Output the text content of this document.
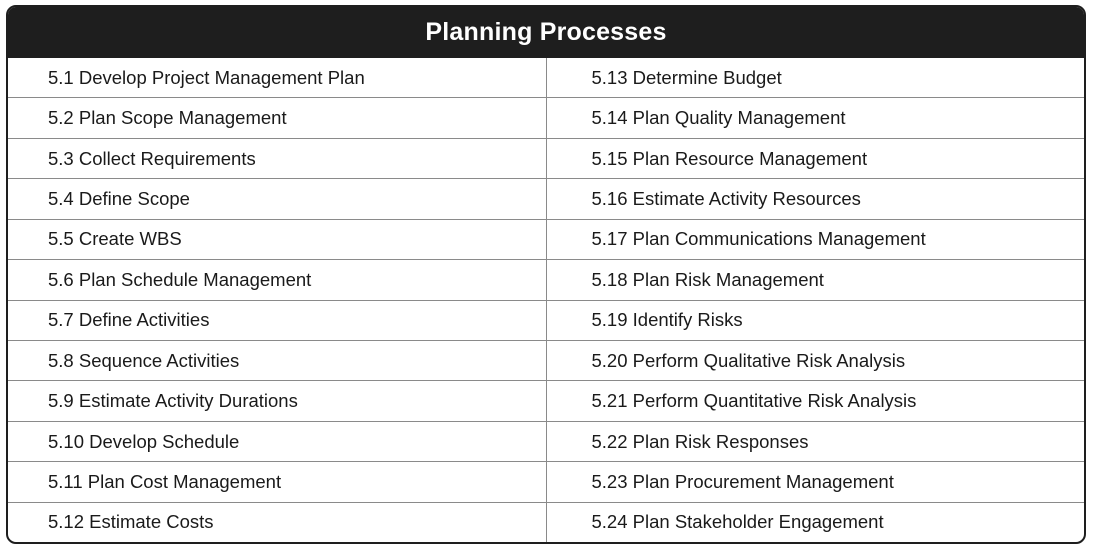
Planning Processes
5.1 Develop Project Management Plan
5.2 Plan Scope Management
5.3 Collect Requirements
5.4 Define Scope
5.5 Create WBS
5.6 Plan Schedule Management
5.7 Define Activities
5.8 Sequence Activities
5.9 Estimate Activity Durations
5.10 Develop Schedule
5.11 Plan Cost Management
5.12 Estimate Costs
5.13 Determine Budget
5.14 Plan Quality Management
5.15 Plan Resource Management
5.16 Estimate Activity Resources
5.17 Plan Communications Management
5.18 Plan Risk Management
5.19 Identify Risks
5.20 Perform Qualitative Risk Analysis
5.21 Perform Quantitative Risk Analysis
5.22 Plan Risk Responses
5.23 Plan Procurement Management
5.24 Plan Stakeholder Engagement
